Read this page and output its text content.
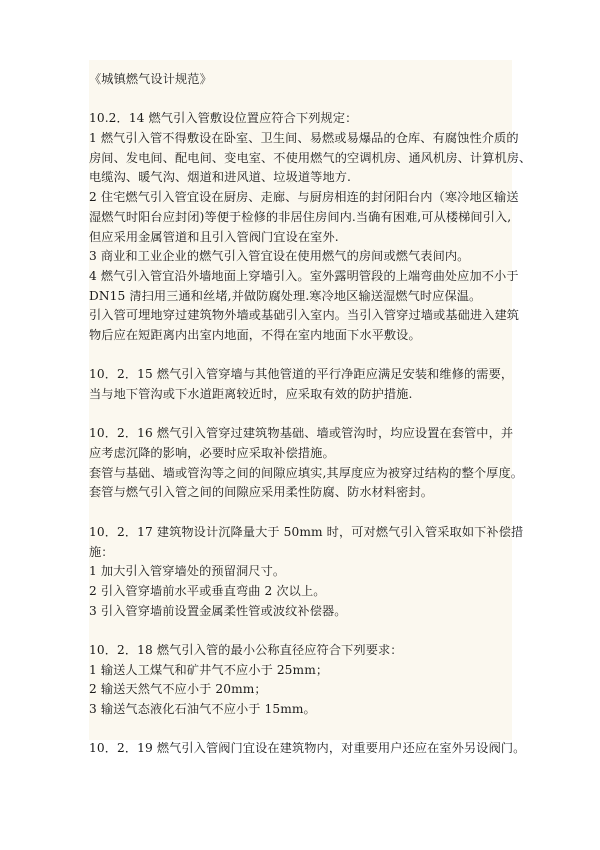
《城镇燃气设计规范》
10.2．14 燃气引入管敷设位置应符合下列规定：
1 燃气引入管不得敷设在卧室、卫生间、易燃或易爆品的仓库、有腐蚀性介质的
房间、发电间、配电间、变电室、不使用燃气的空调机房、通风机房、计算机房、
电缆沟、暖气沟、烟道和进风道、垃圾道等地方.
2 住宅燃气引入管宜设在厨房、走廊、与厨房相连的封闭阳台内（寒冷地区输送
湿燃气时阳台应封闭)等便于检修的非居住房间内.当确有困难,可从楼梯间引入,
但应采用金属管道和且引入管阀门宜设在室外.
3 商业和工业企业的燃气引入管宜设在使用燃气的房间或燃气表间内。
4 燃气引入管宜沿外墙地面上穿墙引入。室外露明管段的上端弯曲处应加不小于
DN15 清扫用三通和丝堵,并做防腐处理.寒冷地区输送湿燃气时应保温。
引入管可埋地穿过建筑物外墙或基础引入室内。当引入管穿过墙或基础进入建筑
物后应在短距离内出室内地面，不得在室内地面下水平敷设。
10．2．15 燃气引入管穿墙与其他管道的平行净距应满足安装和维修的需要，
当与地下管沟或下水道距离较近时，应采取有效的防护措施.
10．2．16 燃气引入管穿过建筑物基础、墙或管沟时，均应设置在套管中，并
应考虑沉降的影响，必要时应采取补偿措施。
套管与基础、墙或管沟等之间的间隙应填实,其厚度应为被穿过结构的整个厚度。
套管与燃气引入管之间的间隙应采用柔性防腐、防水材料密封。
10．2．17 建筑物设计沉降量大于 50mm 时，可对燃气引入管采取如下补偿措
施：
1 加大引入管穿墙处的预留洞尺寸。
2 引入管穿墙前水平或垂直弯曲 2 次以上。
3 引入管穿墙前设置金属柔性管或波纹补偿器。
10．2．18 燃气引入管的最小公称直径应符合下列要求：
1 输送人工煤气和矿井气不应小于 25mm；
2 输送天然气不应小于 20mm；
3 输送气态液化石油气不应小于 15mm。
10．2．19 燃气引入管阀门宜设在建筑物内，对重要用户还应在室外另设阀门。
